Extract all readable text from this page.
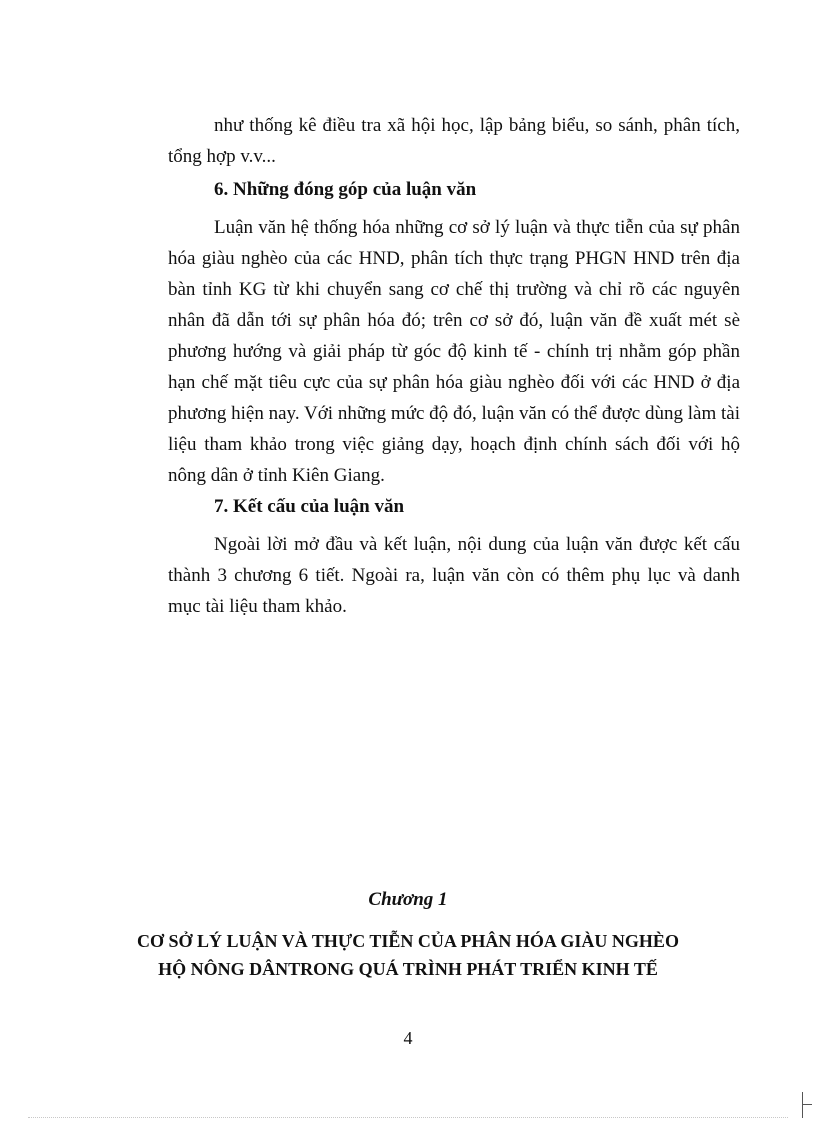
như thống kê điều tra xã hội học, lập bảng biểu, so sánh, phân tích, tổng hợp v.v...

6. Những đóng góp của luận văn

Luận văn hệ thống hóa những cơ sở lý luận và thực tiễn của sự phân hóa giàu nghèo của các HND, phân tích thực trạng PHGN HND trên địa bàn tỉnh KG từ khi chuyển sang cơ chế thị trường và chỉ rõ các nguyên nhân đã dẫn tới sự phân hóa đó; trên cơ sở đó, luận văn đề xuất mét sè phương hướng và giải pháp từ góc độ kinh tế - chính trị nhằm góp phần hạn chế mặt tiêu cực của sự phân hóa giàu nghèo đối với các HND ở địa phương hiện nay. Với những mức độ đó, luận văn có thể được dùng làm tài liệu tham khảo trong việc giảng dạy, hoạch định chính sách đối với hộ nông dân ở tỉnh Kiên Giang.

7. Kết cấu của luận văn

Ngoài lời mở đầu và kết luận, nội dung của luận văn được kết cấu thành 3 chương 6 tiết. Ngoài ra, luận văn còn có thêm phụ lục và danh mục tài liệu tham khảo.

Chương 1
CƠ SỞ LÝ LUẬN VÀ THỰC TIỄN CỦA PHÂN HÓA GIÀU NGHÈO
HỘ NÔNG DÂNTRONG QUÁ TRÌNH PHÁT TRIỂN KINH TẾ
4
